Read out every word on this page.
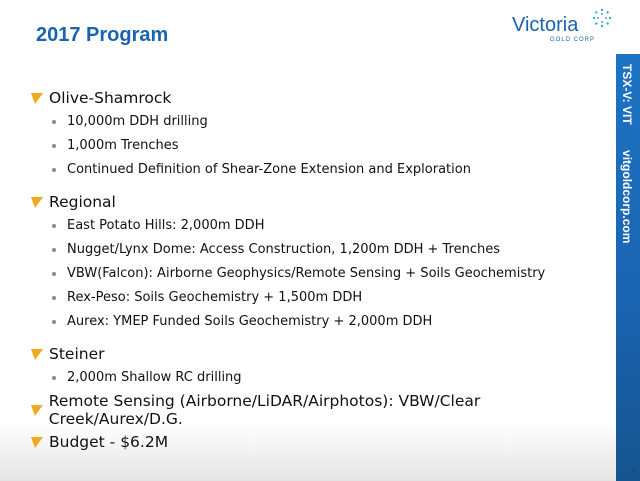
2017 Program	Victoria
GOLD CORP
TSX-V: VIT vitgoldcorp.com
Olive-Shamrock
10,000m DDH drilling
1,000m Trenches
Continued Definition of Shear-Zone Extension and Exploration
Regional
East Potato Hills: 2,000m DDH
Nugget/Lynx Dome: Access Construction, 1,200m DDH + Trenches
VBW(Falcon): Airborne Geophysics/Remote Sensing + Soils Geochemistry
Rex-Peso: Soils Geochemistry + 1,500m DDH
Aurex: YMEP Funded Soils Geochemistry + 2,000m DDH
Steiner
2,000m Shallow RC drilling
Remote Sensing (Airborne/LiDAR/Airphotos): VBW/Clear Creek/Aurex/D.G.
Budget - $6.2M
9
